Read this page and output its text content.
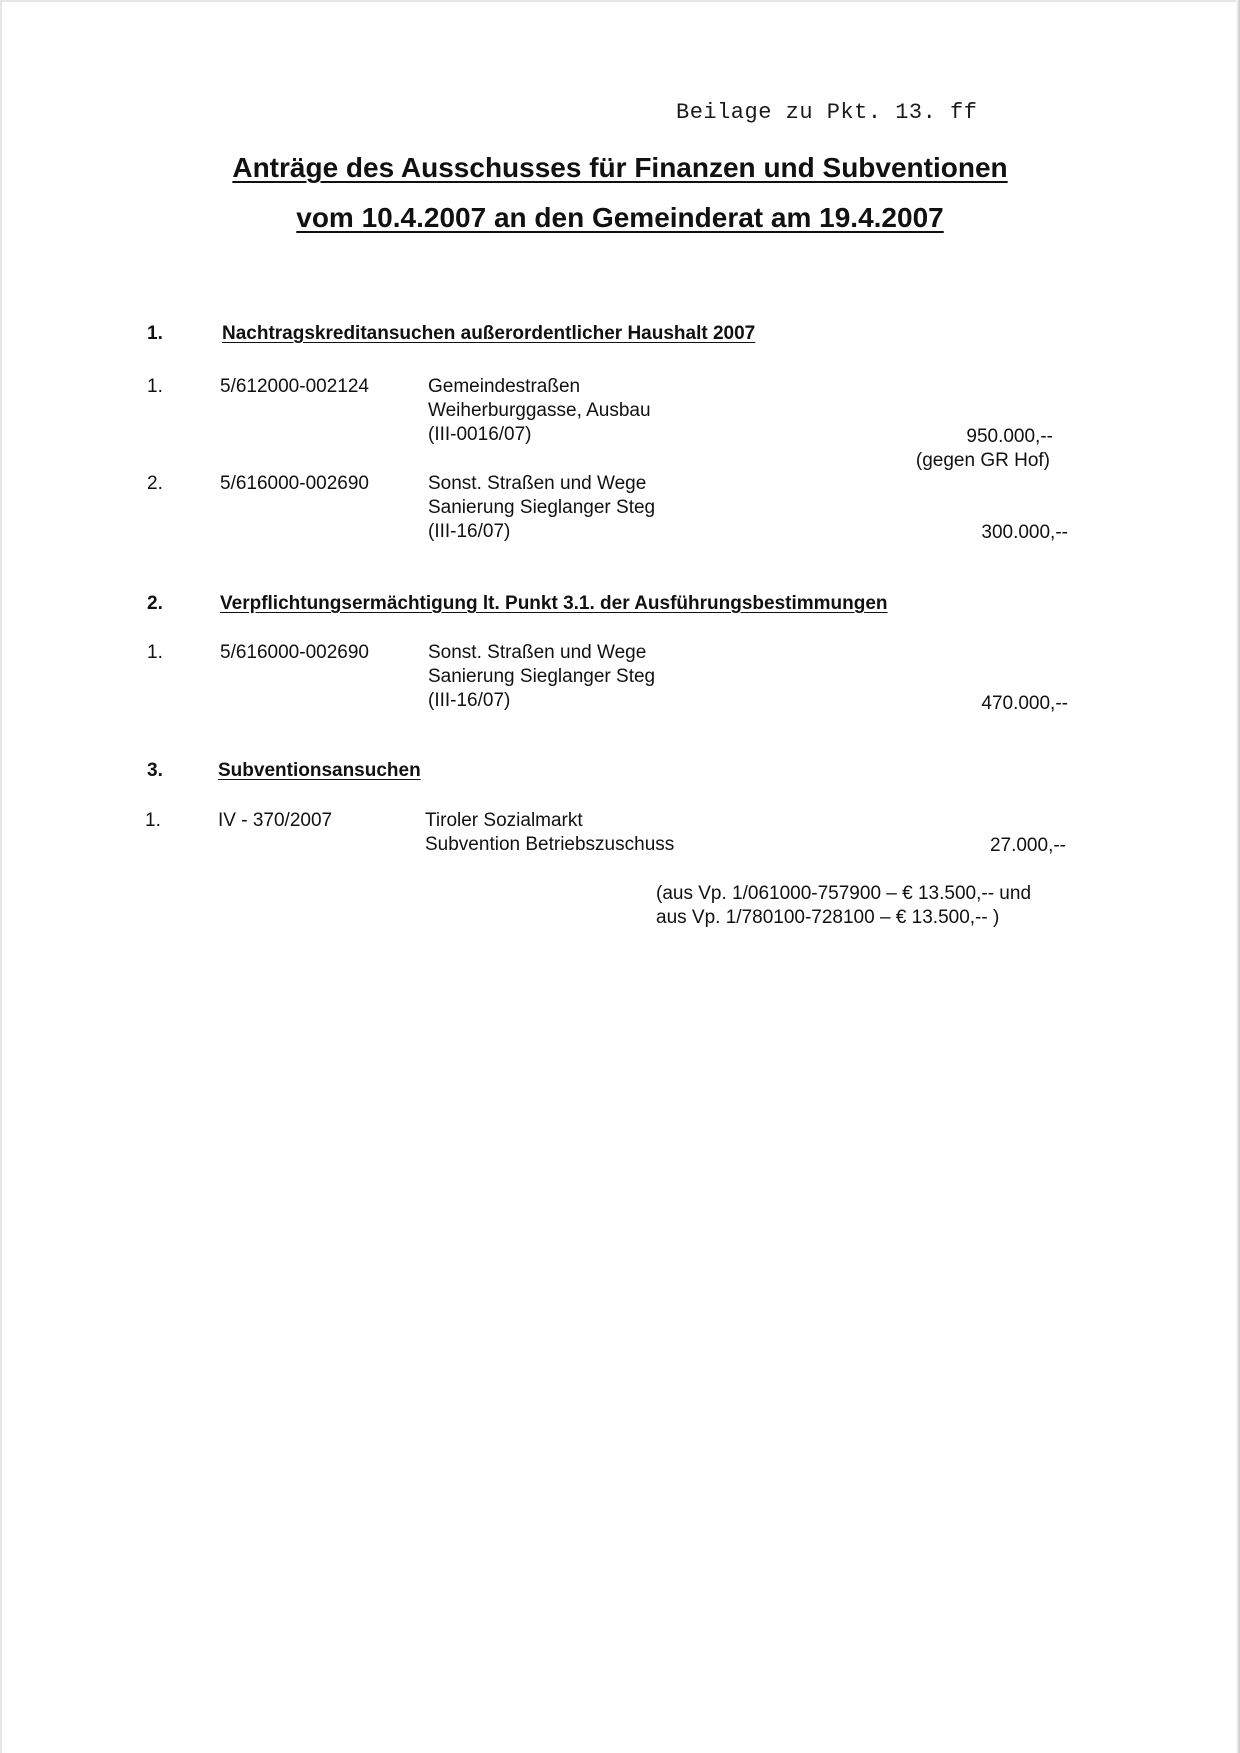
Beilage zu Pkt. 13. ff
Anträge des Ausschusses für Finanzen und Subventionen
vom 10.4.2007 an den Gemeinderat am 19.4.2007
1.	Nachtragskreditansuchen außerordentlicher Haushalt 2007
1.	5/612000-002124	Gemeindestraßen
Weiherburggasse, Ausbau
(III-0016/07)	950.000,--
(gegen GR Hof)
2.	5/616000-002690	Sonst. Straßen und Wege
Sanierung Sieglanger Steg
(III-16/07)	300.000,--
2.	Verpflichtungsermächtigung lt. Punkt 3.1. der Ausführungsbestimmungen
1.	5/616000-002690	Sonst. Straßen und Wege
Sanierung Sieglanger Steg
(III-16/07)	470.000,--
3.	Subventionsansuchen
1.	IV - 370/2007	Tiroler Sozialmarkt
Subvention Betriebszuschuss	27.000,--
(aus Vp. 1/061000-757900 – € 13.500,-- und
aus Vp. 1/780100-728100 – € 13.500,-- )
